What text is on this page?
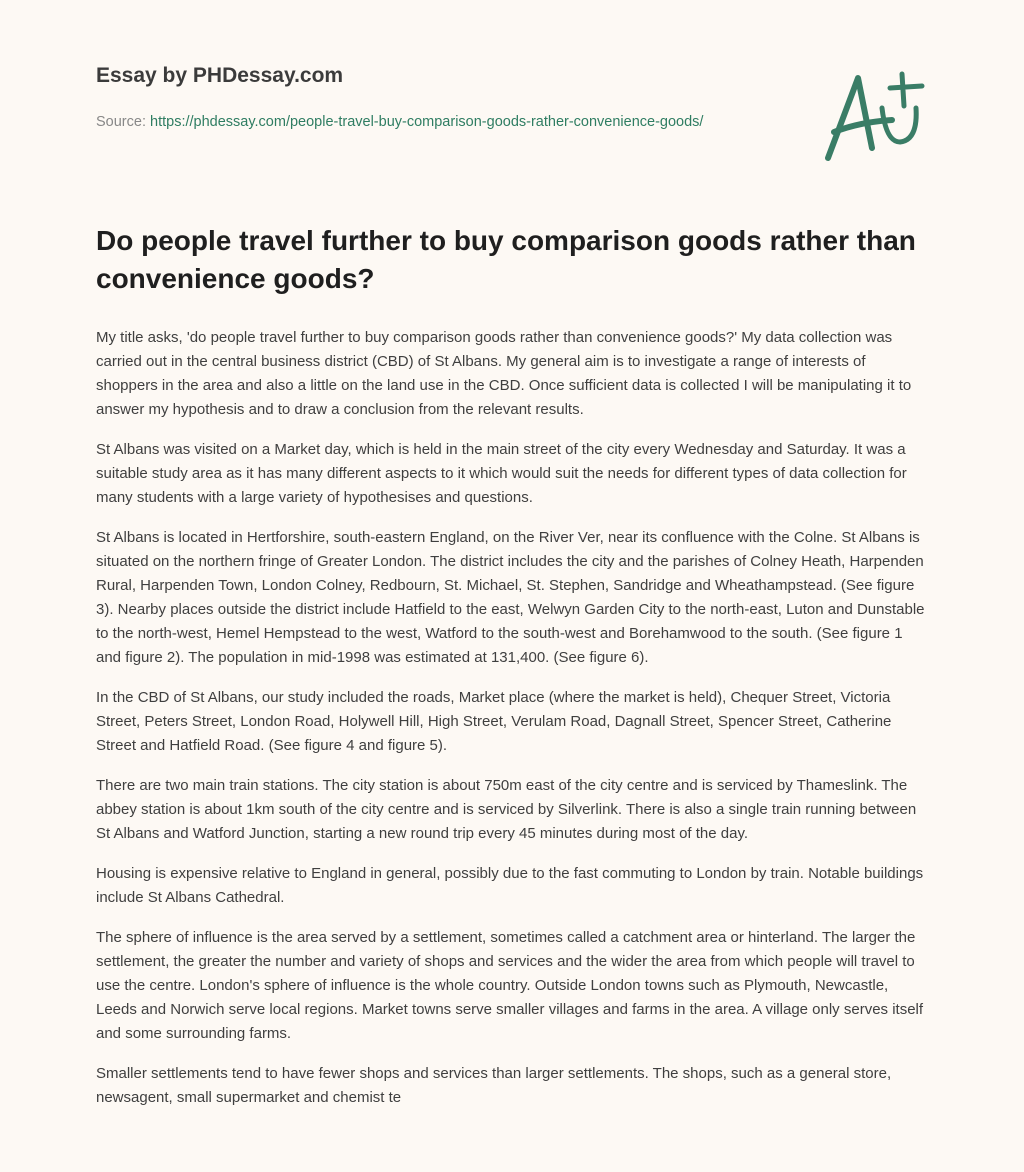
Essay by PHDessay.com
Source: https://phdessay.com/people-travel-buy-comparison-goods-rather-convenience-goods/
Do people travel further to buy comparison goods rather than convenience goods?

My title asks, 'do people travel further to buy comparison goods rather than convenience goods?' My data collection was carried out in the central business district (CBD) of St Albans. My general aim is to investigate a range of interests of shoppers in the area and also a little on the land use in the CBD. Once sufficient data is collected I will be manipulating it to answer my hypothesis and to draw a conclusion from the relevant results.

St Albans was visited on a Market day, which is held in the main street of the city every Wednesday and Saturday. It was a suitable study area as it has many different aspects to it which would suit the needs for different types of data collection for many students with a large variety of hypothesises and questions.

St Albans is located in Hertforshire, south-eastern England, on the River Ver, near its confluence with the Colne. St Albans is situated on the northern fringe of Greater London. The district includes the city and the parishes of Colney Heath, Harpenden Rural, Harpenden Town, London Colney, Redbourn, St. Michael, St. Stephen, Sandridge and Wheathampstead. (See figure 3). Nearby places outside the district include Hatfield to the east, Welwyn Garden City to the north-east, Luton and Dunstable to the north-west, Hemel Hempstead to the west, Watford to the south-west and Borehamwood to the south. (See figure 1 and figure 2). The population in mid-1998 was estimated at 131,400. (See figure 6).

In the CBD of St Albans, our study included the roads, Market place (where the market is held), Chequer Street, Victoria Street, Peters Street, London Road, Holywell Hill, High Street, Verulam Road, Dagnall Street, Spencer Street, Catherine Street and Hatfield Road. (See figure 4 and figure 5).

There are two main train stations. The city station is about 750m east of the city centre and is serviced by Thameslink. The abbey station is about 1km south of the city centre and is serviced by Silverlink. There is also a single train running between St Albans and Watford Junction, starting a new round trip every 45 minutes during most of the day.

Housing is expensive relative to England in general, possibly due to the fast commuting to London by train. Notable buildings include St Albans Cathedral.

The sphere of influence is the area served by a settlement, sometimes called a catchment area or hinterland. The larger the settlement, the greater the number and variety of shops and services and the wider the area from which people will travel to use the centre. London's sphere of influence is the whole country. Outside London towns such as Plymouth, Newcastle, Leeds and Norwich serve local regions. Market towns serve smaller villages and farms in the area. A village only serves itself and some surrounding farms.

Smaller settlements tend to have fewer shops and services than larger settlements. The shops, such as a general store, newsagent, small supermarket and chemist te
